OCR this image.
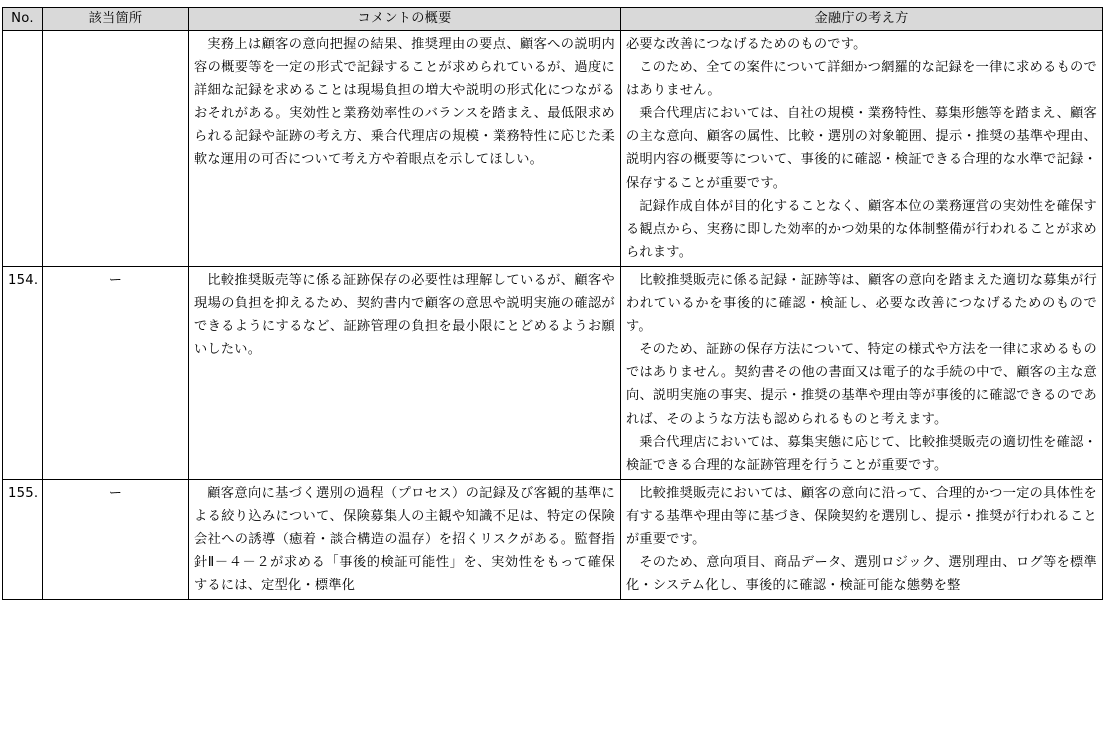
No.	該当箇所	コメントの概要	金融庁の考え方

		実務上は顧客の意向把握の結果、推奨理由の要点、顧客への説明内容の概要等を一定の形式で記録することが求められているが、過度に詳細な記録を求めることは現場負担の増大や説明の形式化につながるおそれがある。実効性と業務効率性のバランスを踏まえ、最低限求められる記録や証跡の考え方、乗合代理店の規模・業務特性に応じた柔軟な運用の可否について考え方や着眼点を示してほしい。	必要な改善につなげるためのものです。

このため、全ての案件について詳細かつ網羅的な記録を一律に求めるものではありません。

乗合代理店においては、自社の規模・業務特性、募集形態等を踏まえ、顧客の主な意向、顧客の属性、比較・選別の対象範囲、提示・推奨の基準や理由、説明内容の概要等について、事後的に確認・検証できる合理的な水準で記録・保存することが重要です。

記録作成自体が目的化することなく、顧客本位の業務運営の実効性を確保する観点から、実務に即した効率的かつ効果的な体制整備が行われることが求められます。

154.	ー	比較推奨販売等に係る証跡保存の必要性は理解しているが、顧客や現場の負担を抑えるため、契約書内で顧客の意思や説明実施の確認ができるようにするなど、証跡管理の負担を最小限にとどめるようお願いしたい。	比較推奨販売に係る記録・証跡等は、顧客の意向を踏まえた適切な募集が行われているかを事後的に確認・検証し、必要な改善につなげるためのものです。

そのため、証跡の保存方法について、特定の様式や方法を一律に求めるものではありません。契約書その他の書面又は電子的な手続の中で、顧客の主な意向、説明実施の事実、提示・推奨の基準や理由等が事後的に確認できるのであれば、そのような方法も認められるものと考えます。

乗合代理店においては、募集実態に応じて、比較推奨販売の適切性を確認・検証できる合理的な証跡管理を行うことが重要です。

155.	ー	顧客意向に基づく選別の過程（プロセス）の記録及び客観的基準による絞り込みについて、保険募集人の主観や知識不足は、特定の保険会社への誘導（癒着・談合構造の温存）を招くリスクがある。監督指針Ⅱ－４－２が求める「事後的検証可能性」を、実効性をもって確保するには、定型化・標準化	比較推奨販売においては、顧客の意向に沿って、合理的かつ一定の具体性を有する基準や理由等に基づき、保険契約を選別し、提示・推奨が行われることが重要です。

そのため、意向項目、商品データ、選別ロジック、選別理由、ログ等を標準化・システム化し、事後的に確認・検証可能な態勢を整
